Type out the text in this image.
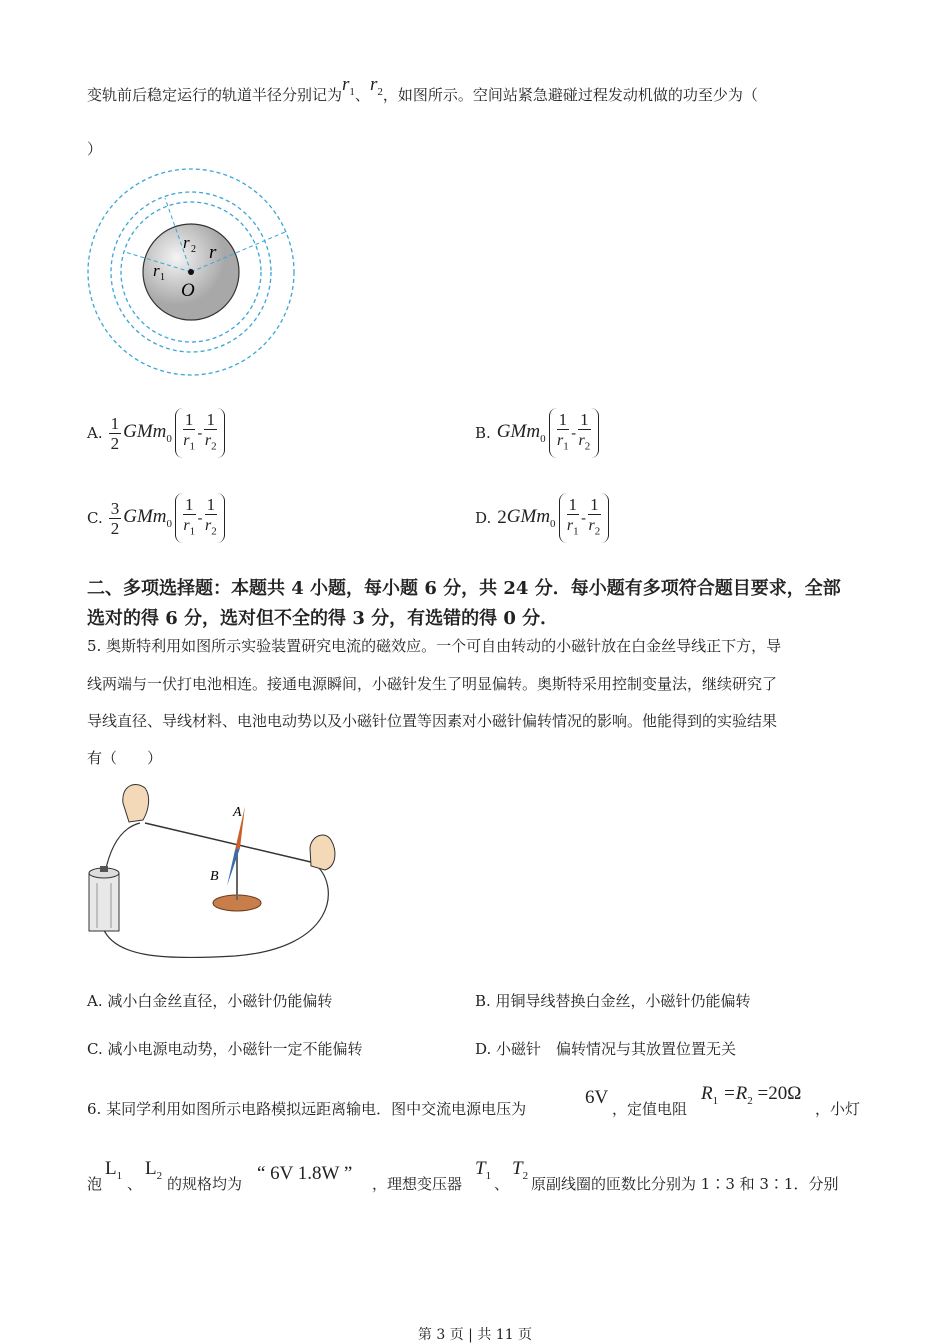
变轨前后稳定运行的轨道半径分别记为$r_1$、$r_2$，如图所示。空间站紧急避碰过程发动机做的功至少为（
）
r 2 r
r 1
O
A. $\frac{1}{2} GMm_0 \frac{1}{r_1} - \frac{1}{r_2}$	B. $GMm_0 \frac{1}{r_1} - \frac{1}{r_2}$
C. $\frac{3}{2} GMm_0 \frac{1}{r_1} - \frac{1}{r_2}$	D. 2 $GMm_0 \frac{1}{r_1} - \frac{1}{r_2}$
二、多项选择题：本题共 4 小题，每小题 6 分，共 24 分．每小题有多项符合题目要求，全部
选对的得 6 分，选对但不全的得 3 分，有选错的得 0 分．
5. 奥斯特利用如图所示实验装置研究电流的磁效应。一个可自由转动的小磁针放在白金丝导线正下方，导
线两端与一伏打电池相连。接通电源瞬间，小磁针发生了明显偏转。奥斯特采用控制变量法，继续研究了
导线直径、导线材料、电池电动势以及小磁针位置等因素对小磁针偏转情况的影响。他能得到的实验结果
有（　　）
A
B
A. 减小白金丝直径，小磁针仍能偏转	B. 用铜导线替换白金丝，小磁针仍能偏转
C. 减小电源电动势，小磁针一定不能偏转	D. 小磁针　偏转情况与其放置位置无关
6. 某同学利用如图所示电路模拟远距离输电．图中交流电源电压为
6V
，定值电阻
$R_1 =R_2 =20\Omega$
，小灯
泡
$L_1$ 、
$L_2$ 的规格均为 “ 6V 1.8W ” ，理想变压器
$T_1$ 、
$T_2$ 原副线圈的匝数比分别为 1∶3 和 3∶1．分别
第 3 页 | 共 11 页
